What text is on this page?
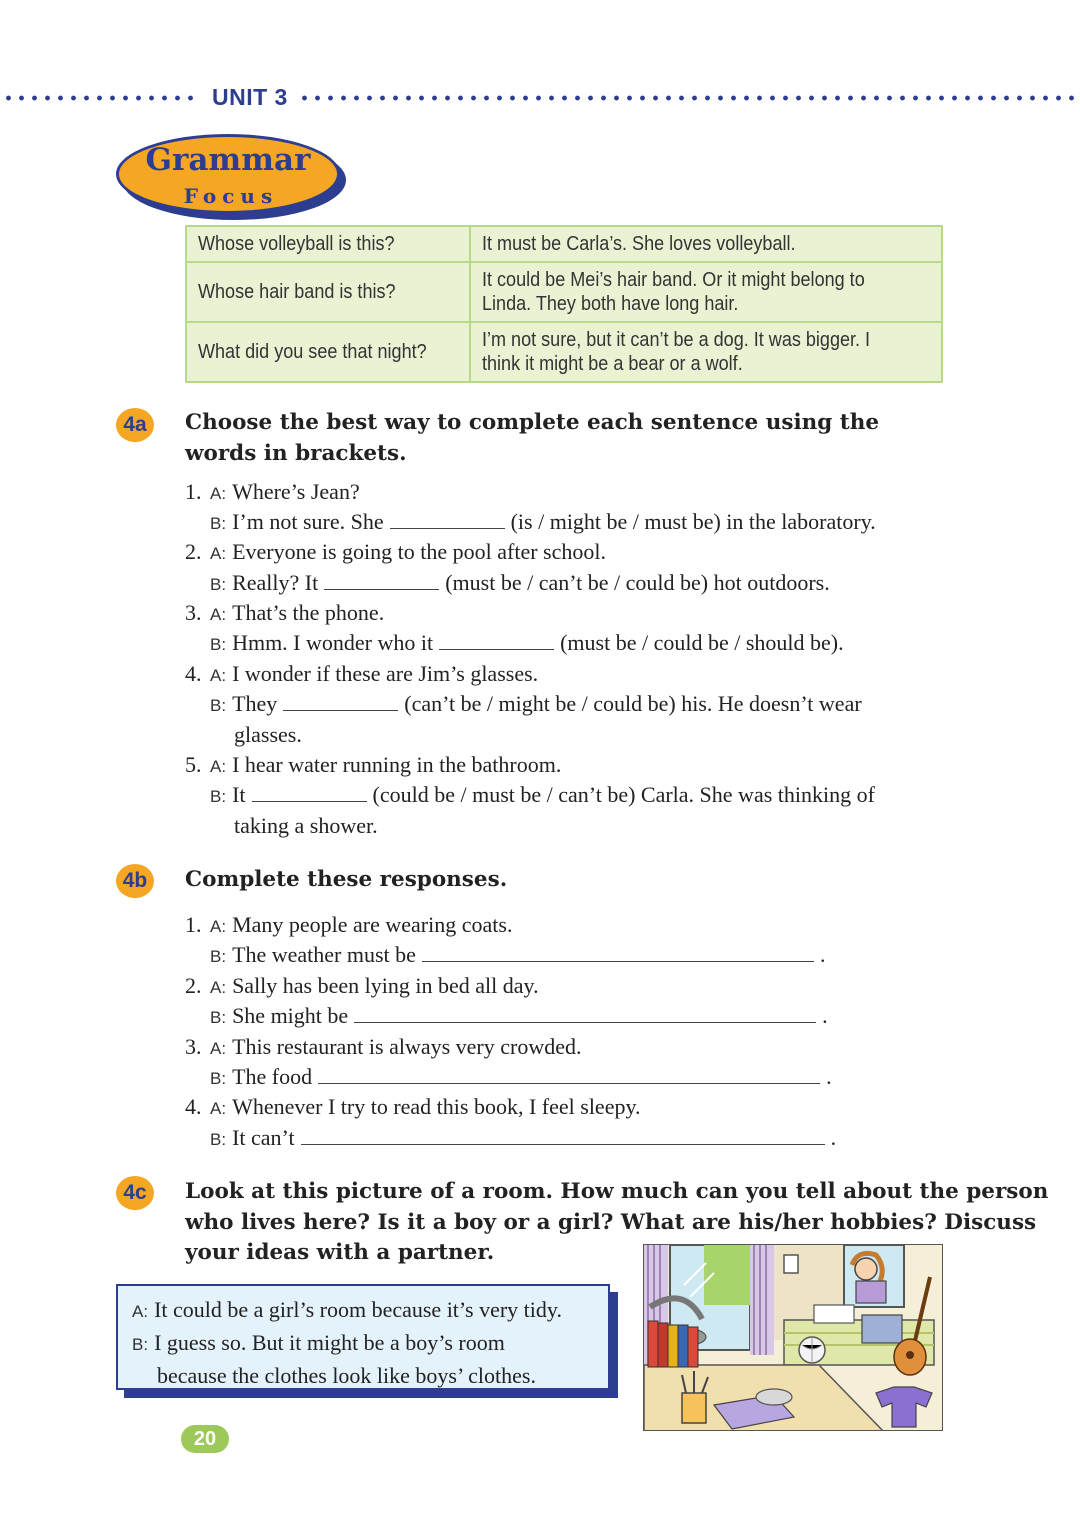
UNIT 3
Grammar
Focus
Whose volleyball is this?	It must be Carla’s. She loves volleyball.
Whose hair band is this?	It could be Mei’s hair band. Or it might belong to
Linda. They both have long hair.
What did you see that night?	I’m not sure, but it can’t be a dog. It was bigger. I
think it might be a bear or a wolf.
4a	Choose the best way to complete each sentence using the words in brackets.
1. A: Where’s Jean?
B: I’m not sure. She	(is / might be / must be) in the laboratory.
2. A: Everyone is going to the pool after school.
B: Really? It	(must be / can’t be / could be) hot outdoors.
3. A: That’s the phone.
B: Hmm. I wonder who it	(must be / could be / should be).
4. A: I wonder if these are Jim’s glasses.
B: They	(can’t be / might be / could be) his. He doesn’t wear
glasses.
5. A: I hear water running in the bathroom.
B: It	(could be / must be / can’t be) Carla. She was thinking of
taking a shower.
4b	Complete these responses.
1. A: Many people are wearing coats.
B: The weather must be	.
2. A: Sally has been lying in bed all day.
B: She might be	.
3. A: This restaurant is always very crowded.
B: The food	.
4. A: Whenever I try to read this book, I feel sleepy.
B: It can’t	.
4c	Look at this picture of a room. How much can you tell about the person
who lives here? Is it a boy or a girl? What are his/her hobbies? Discuss
your ideas with a partner.
A: It could be a girl’s room because it’s very tidy.
B: I guess so. But it might be a boy’s room
because the clothes look like boys’ clothes.
20
